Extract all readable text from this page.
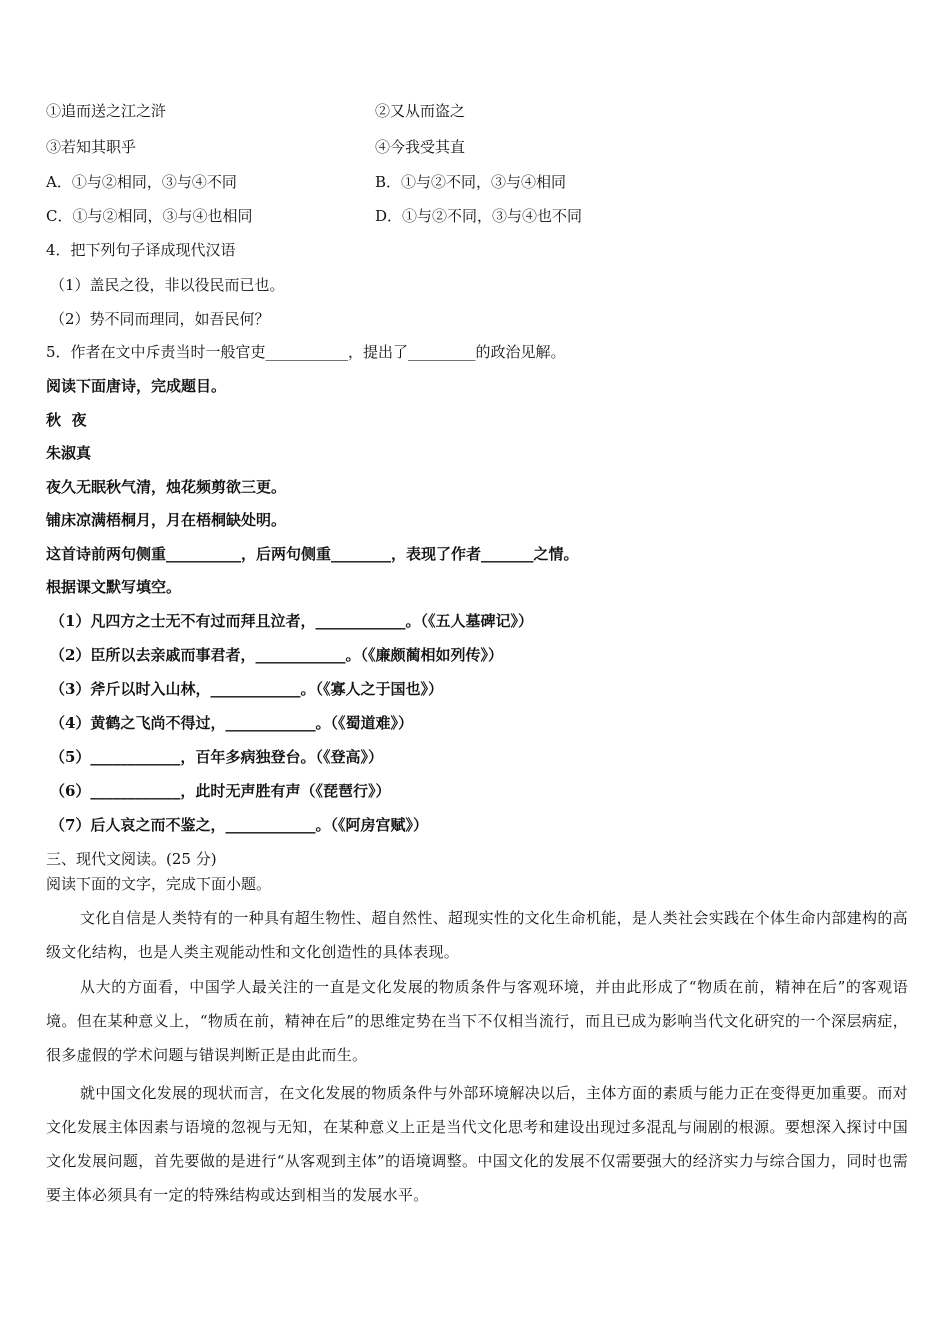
①追而送之江之浒	②又从而盗之
③若知其职乎	④今我受其直
A．①与②相同，③与④不同	B．①与②不同，③与④相同
C．①与②相同，③与④也相同	D．①与②不同，③与④也不同
4．把下列句子译成现代汉语
（1）盖民之役，非以役民而已也。
（2）势不同而理同，如吾民何？
5．作者在文中斥责当时一般官吏___________，提出了_________的政治见解。
阅读下面唐诗，完成题目。
秋  夜
朱淑真
夜久无眠秋气清，烛花频剪欲三更。
铺床凉满梧桐月，月在梧桐缺处明。
这首诗前两句侧重__________，后两句侧重________，表现了作者_______之情。
根据课文默写填空。
（1）凡四方之士无不有过而拜且泣者，____________。（《五人墓碑记》）
（2）臣所以去亲戚而事君者，____________。（《廉颇蔺相如列传》）
（3）斧斤以时入山林，____________。（《寡人之于国也》）
（4）黄鹤之飞尚不得过，____________。（《蜀道难》）
（5）____________，百年多病独登台。（《登高》）
（6）____________，此时无声胜有声（《琵琶行》）
（7）后人哀之而不鉴之，____________。（《阿房宫赋》）
三、现代文阅读。(25 分)
阅读下面的文字，完成下面小题。
文化自信是人类特有的一种具有超生物性、超自然性、超现实性的文化生命机能，是人类社会实践在个体生命内部建构的高级文化结构，也是人类主观能动性和文化创造性的具体表现。
从大的方面看，中国学人最关注的一直是文化发展的物质条件与客观环境，并由此形成了“物质在前，精神在后”的客观语境。但在某种意义上，“物质在前，精神在后”的思维定势在当下不仅相当流行，而且已成为影响当代文化研究的一个深层病症，很多虚假的学术问题与错误判断正是由此而生。
就中国文化发展的现状而言，在文化发展的物质条件与外部环境解决以后，主体方面的素质与能力正在变得更加重要。而对文化发展主体因素与语境的忽视与无知，在某种意义上正是当代文化思考和建设出现过多混乱与闹剧的根源。要想深入探讨中国文化发展问题，首先要做的是进行“从客观到主体”的语境调整。中国文化的发展不仅需要强大的经济实力与综合国力，同时也需要主体必须具有一定的特殊结构或达到相当的发展水平。
